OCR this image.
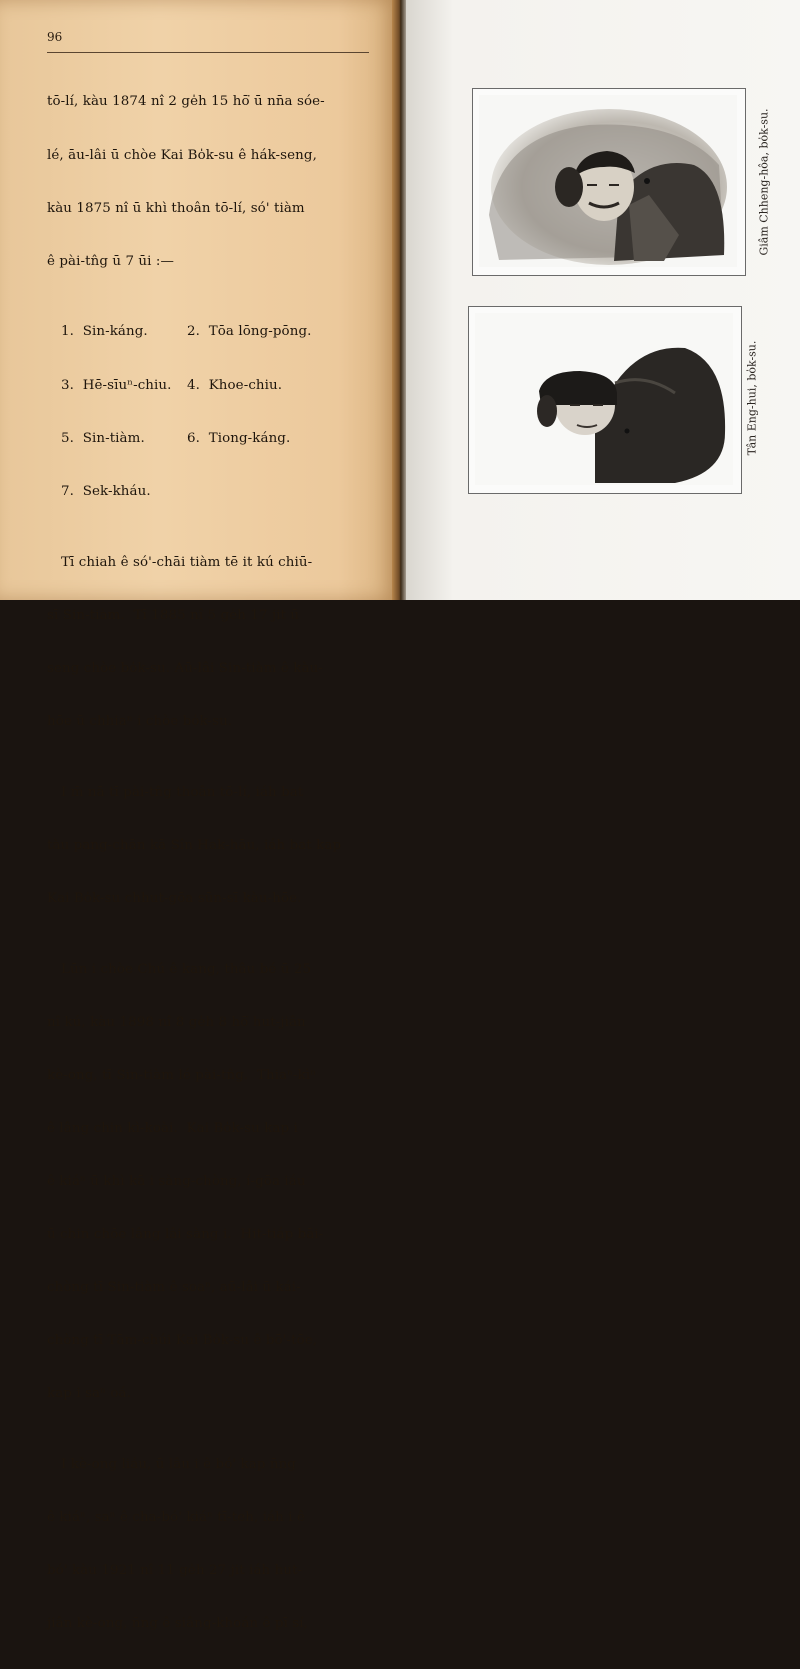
96

tō-lí, kàu 1874 nî 2 ge̍h 15 hō͘ ū nn̄a sóe-

lé, āu-lâi ū chòe Kai Bo̍k-su ê hák-seng,

kàu 1875 nî ū khì thoân tō-lí, só' tiàm

ê pài-tn̂g ū 7 ūi :—

1.  Sin-káng.	2.  Tōa lōng-pōng.

3.  Hē-sīuⁿ-chiu.	4.  Khoe-chiu.

5.  Sin-tiàm.	6.  Tiong-káng.

7.  Sek-kháu.

Tī chiah ê só'-chāi tiàm tē it kú chiū-

sī Sin-tiàm.  Tī 1885 nî 5 ge̍h 17 jit ū

seng chòe bo̍k-su. Aū-lâi Sin-tiàm ê kàu-

hōe ū chhiaⁿ i chòe bo̍k-su.

I m̄ nā tī pài-tn̂g thoân tō-lí, iáh bat

tàu pang-chān kā Sîn Hak-hāu, iáh bat kap

Kai Bo̍k-su chhut-gōa sūn-sī kàu-hōe.

Lūn i chòe Chú ê kang, thâu bé ū 25

nî kú, kàu 1898 nî 8 ge̍h 8 hō͘ hut-jiân

kè-ong, tī Sin-tiàm lé pài-tn̂g.  Thiaⁿ-kìⁿ

ê lâng chin kì-koài.  Kai Bo̍k-su kap i

ê kiáⁿ ū khì kā i sàng-chòng, í-gōa iáu

ū chin chōe lâng lâi sàng i.  Hit-tiáp bāi-

chòng tī Sin-tiàm ê soaⁿ, aū-lâi ū kái-

chòng tī Tām-chúi Kai Bo̍k-su ê bō'-tōe,

kap i saⁿ oá.

I kè-ong liáu, ū lâu i ê bó' kap n̄ng

ê kiáⁿ, saⁿ ê cha-bó' kiáⁿ tī-teh, iáh i ê

bó' kàu 1921 nî 11 ge̍h 27 jit iáh hut-

jiân kè-ong, n̄ng ê siâng-khoán ê pī sí,

Giâm Chheng-hôa, bo̍k-su.
Tân Eng-hui, bo̍k-su.
